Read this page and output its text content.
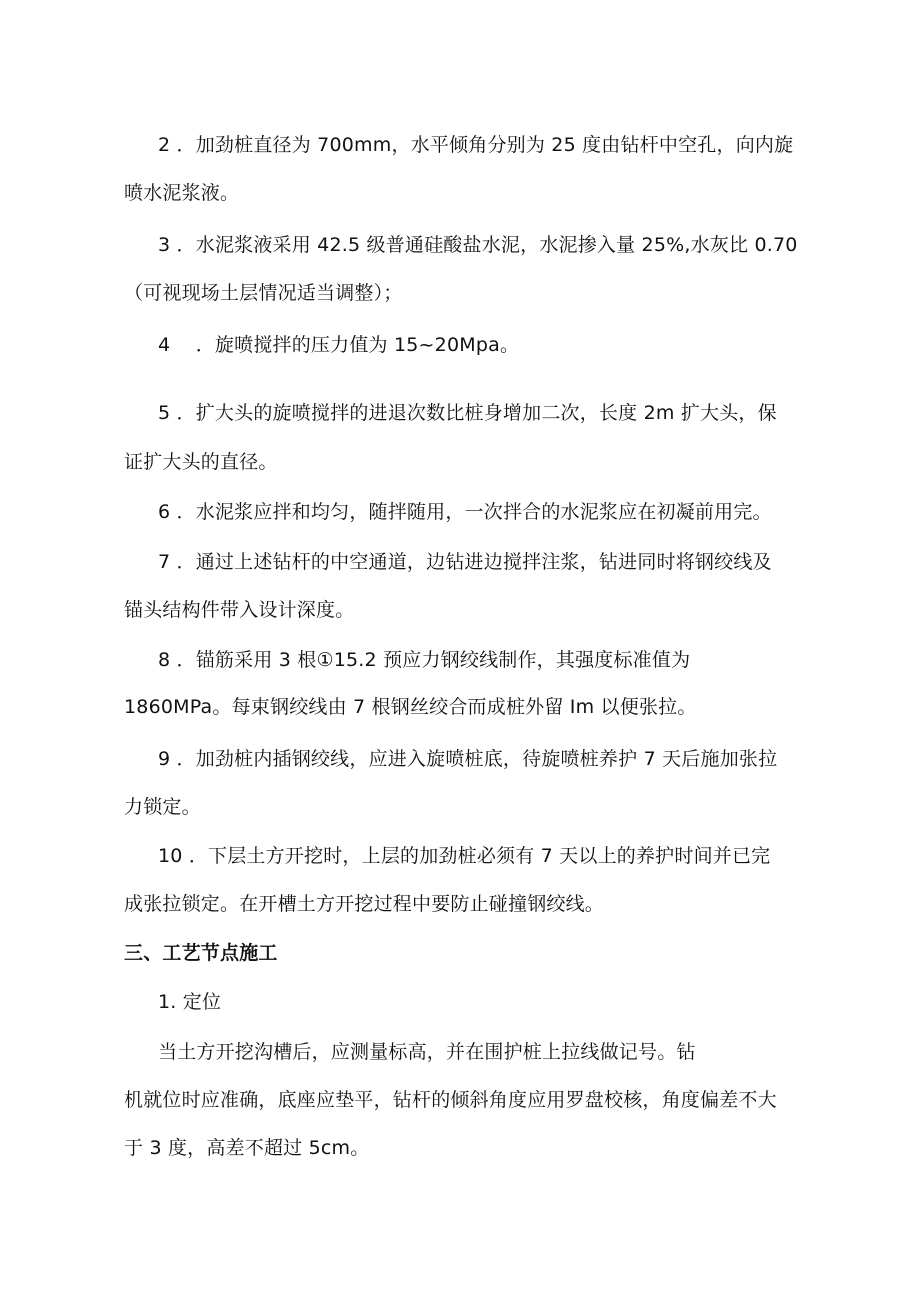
2 ．加劲桩直径为 700mm，水平倾角分别为 25 度由钻杆中空孔，向内旋
喷水泥浆液。
3 ．水泥浆液采用 42.5 级普通硅酸盐水泥，水泥掺入量 25%,水灰比 0.70
（可视现场土层情况适当调整）；
4　 ．旋喷搅拌的压力值为 15~20Mpa。
5 ．扩大头的旋喷搅拌的进退次数比桩身增加二次，长度 2m 扩大头，保
证扩大头的直径。
6 ．水泥浆应拌和均匀，随拌随用，一次拌合的水泥浆应在初凝前用完。
7 ．通过上述钻杆的中空通道，边钻进边搅拌注浆，钻进同时将钢绞线及
锚头结构件带入设计深度。
8 ．锚筋采用 3 根①15.2 预应力钢绞线制作，其强度标准值为
1860MPa。每束钢绞线由 7 根钢丝绞合而成桩外留 Im 以便张拉。
9 ．加劲桩内插钢绞线，应进入旋喷桩底，待旋喷桩养护 7 天后施加张拉
力锁定。
10 ．下层土方开挖时，上层的加劲桩必须有 7 天以上的养护时间并已完
成张拉锁定。在开槽土方开挖过程中要防止碰撞钢绞线。
三、工艺节点施工
1. 定位
当土方开挖沟槽后，应测量标高，并在围护桩上拉线做记号。钻
机就位时应准确，底座应垫平，钻杆的倾斜角度应用罗盘校核，角度偏差不大
于 3 度，高差不超过 5cm。
